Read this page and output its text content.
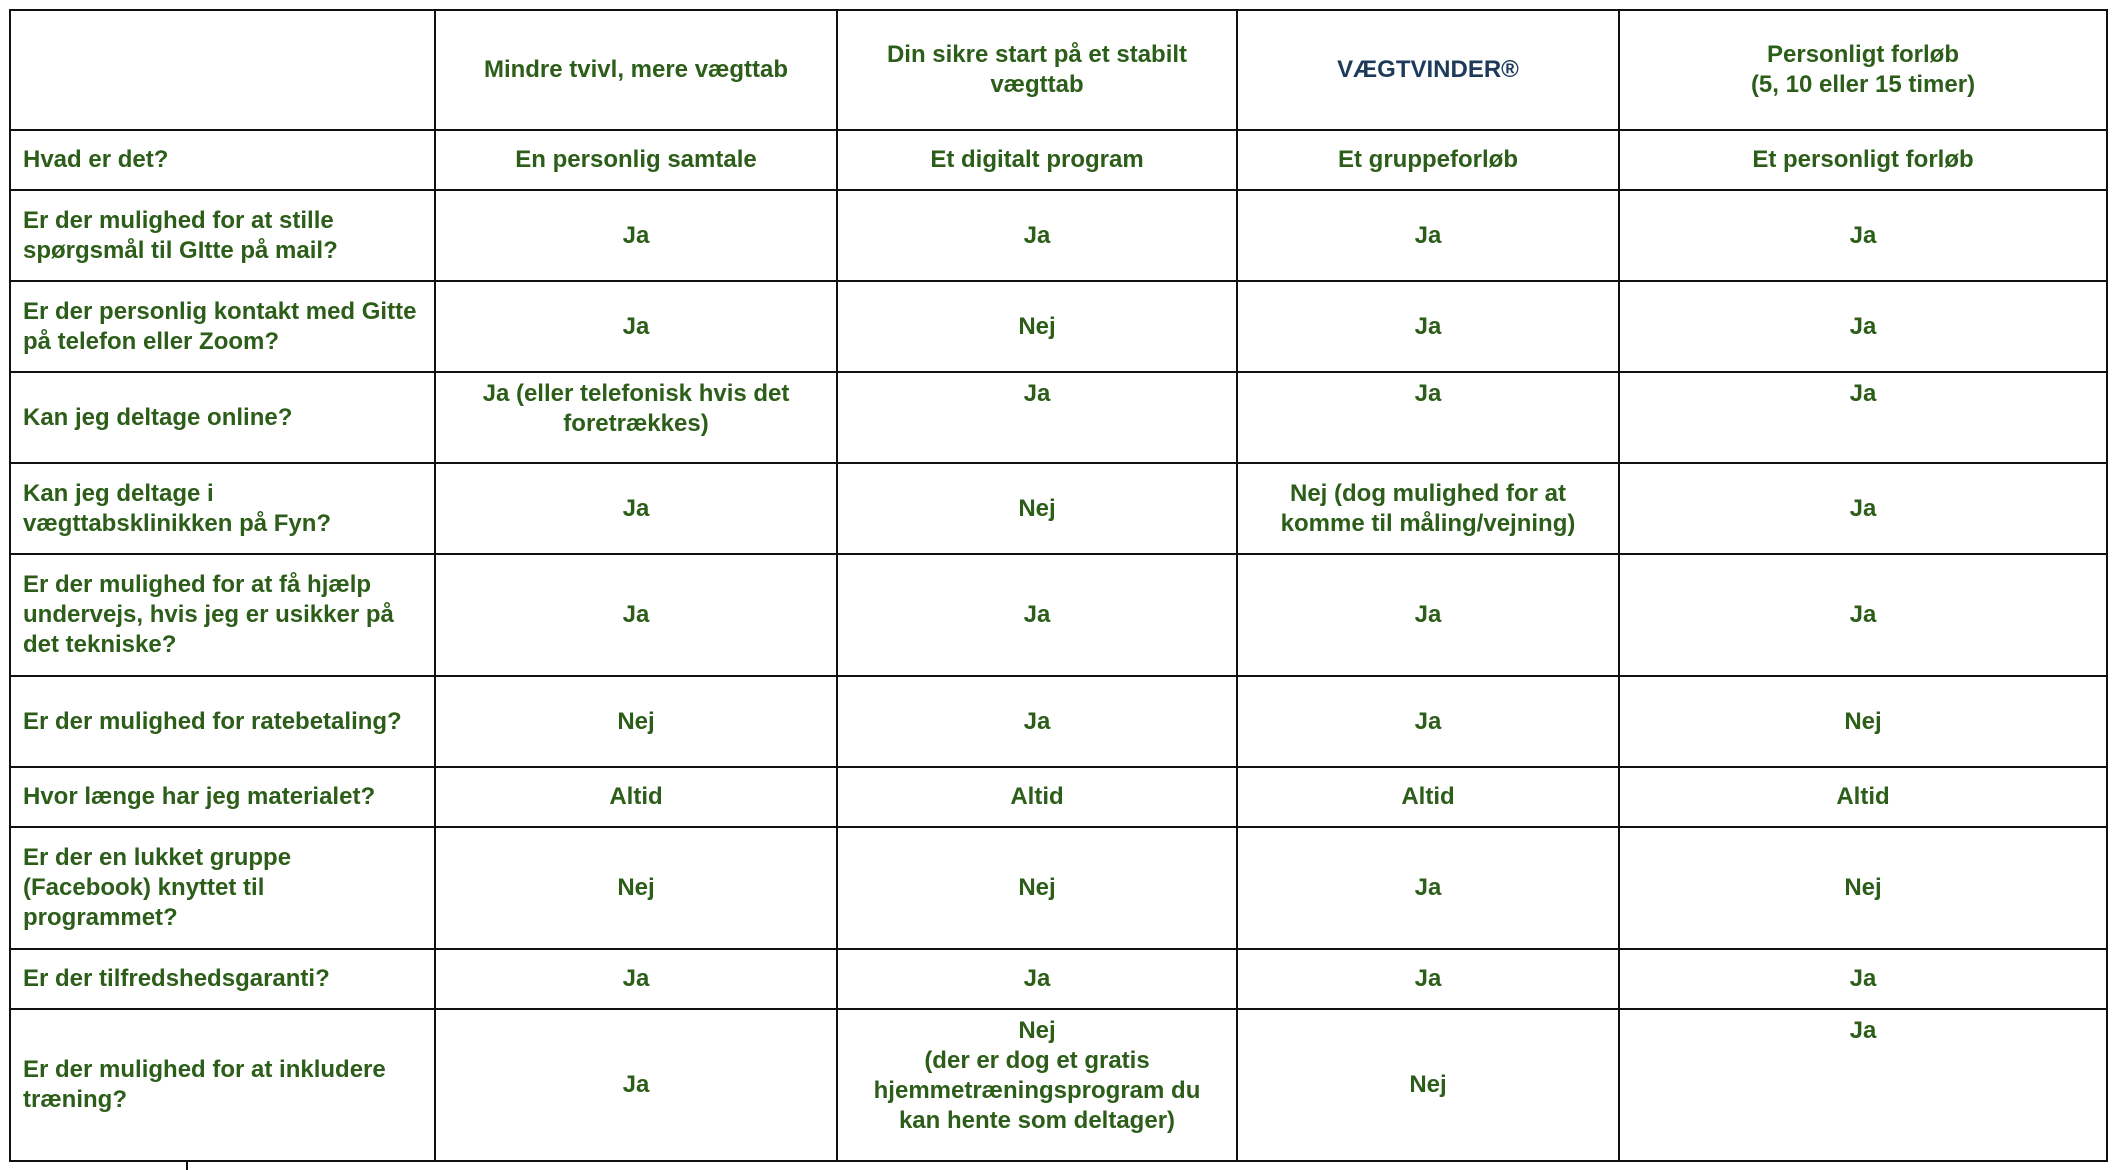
	Mindre tvivl, mere vægttab	Din sikre start på et stabilt
vægttab	VÆGTVINDER®	Personligt forløb
(5, 10 eller 15 timer)
Hvad er det?	En personlig samtale	Et digitalt program	Et gruppeforløb	Et personligt forløb
Er der mulighed for at stille spørgsmål til GItte på mail?	Ja	Ja	Ja	Ja
Er der personlig kontakt med Gitte på telefon eller Zoom?	Ja	Nej	Ja	Ja
Kan jeg deltage online?	Ja (eller telefonisk hvis det
foretrækkes)	Ja	Ja	Ja
Kan jeg deltage i vægttabsklinikken på Fyn?	Ja	Nej	Nej (dog mulighed for at
komme til måling/vejning)	Ja
Er der mulighed for at få hjælp undervejs, hvis jeg er usikker på det tekniske?	Ja	Ja	Ja	Ja
Er der mulighed for ratebetaling?	Nej	Ja	Ja	Nej
Hvor længe har jeg materialet?	Altid	Altid	Altid	Altid
Er der en lukket gruppe (Facebook) knyttet til programmet?	Nej	Nej	Ja	Nej
Er der tilfredshedsgaranti?	Ja	Ja	Ja	Ja
Er der mulighed for at inkludere træning?	Ja	Nej
(der er dog et gratis
hjemmetræningsprogram du
kan hente som deltager)	Nej	Ja
